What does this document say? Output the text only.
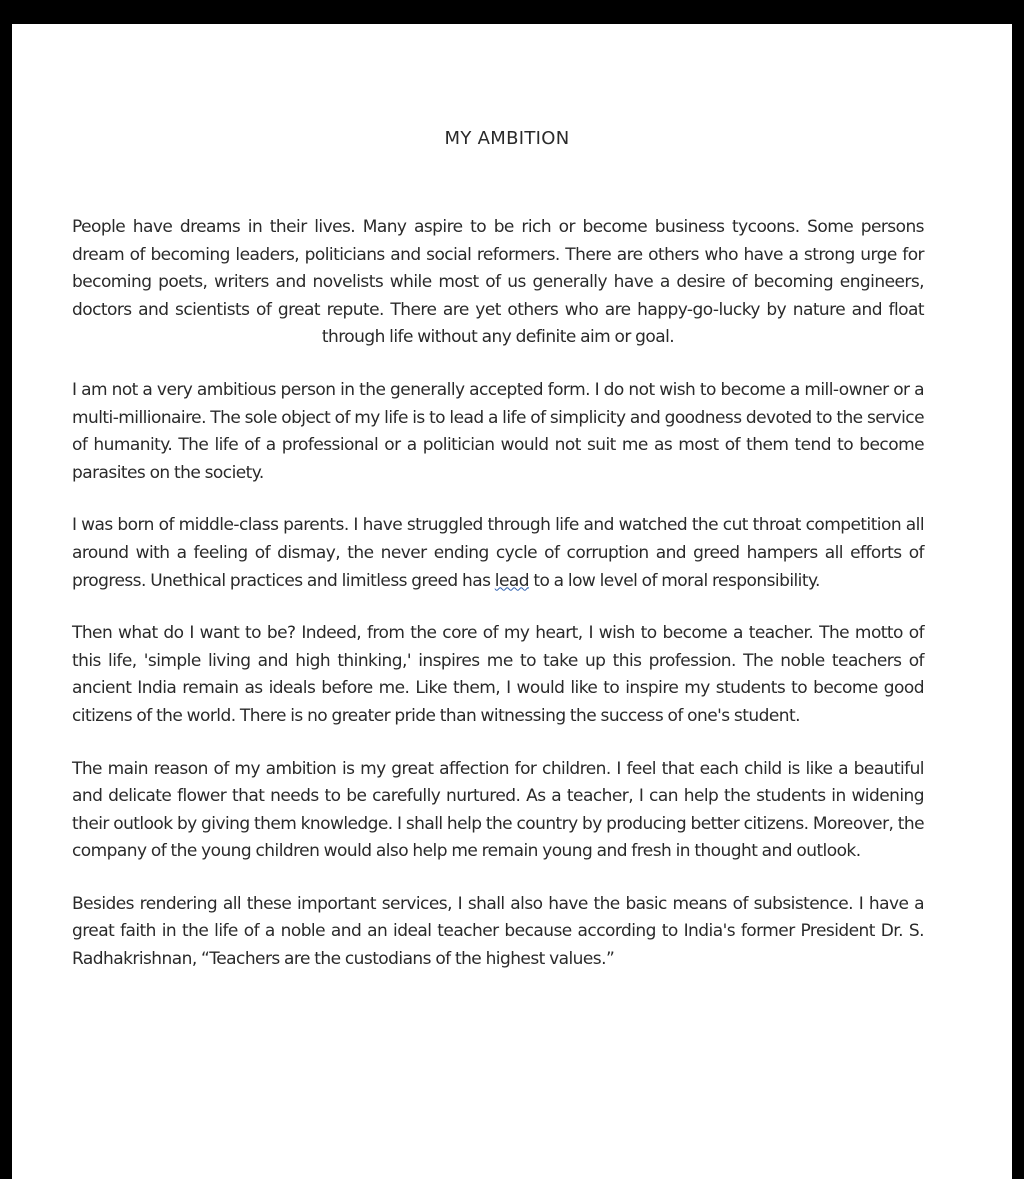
MY AMBITION

People have dreams in their lives. Many aspire to be rich or become business tycoons. Some persons dream of becoming leaders, politicians and social reformers. There are others who have a strong urge for becoming poets, writers and novelists while most of us generally have a desire of becoming engineers, doctors and scientists of great repute. There are yet others who are happy-go-lucky by nature and float through life without any definite aim or goal.

I am not a very ambitious person in the generally accepted form. I do not wish to become a mill-owner or a multi-millionaire. The sole object of my life is to lead a life of simplicity and goodness devoted to the service of humanity. The life of a professional or a politician would not suit me as most of them tend to become parasites on the society.

I was born of middle-class parents. I have struggled through life and watched the cut throat competition all around with a feeling of dismay, the never ending cycle of corruption and greed hampers all efforts of progress. Unethical practices and limitless greed has lead to a low level of moral responsibility.

Then what do I want to be? Indeed, from the core of my heart, I wish to become a teacher. The motto of this life, 'simple living and high thinking,' inspires me to take up this profession. The noble teachers of ancient India remain as ideals before me. Like them, I would like to inspire my students to become good citizens of the world. There is no greater pride than witnessing the success of one's student.

The main reason of my ambition is my great affection for children. I feel that each child is like a beautiful and delicate flower that needs to be carefully nurtured. As a teacher, I can help the students in widening their outlook by giving them knowledge. I shall help the country by producing better citizens. Moreover, the company of the young children would also help me remain young and fresh in thought and outlook.

Besides rendering all these important services, I shall also have the basic means of subsistence. I have a great faith in the life of a noble and an ideal teacher because according to India's former President Dr. S. Radhakrishnan, “Teachers are the custodians of the highest values.”
